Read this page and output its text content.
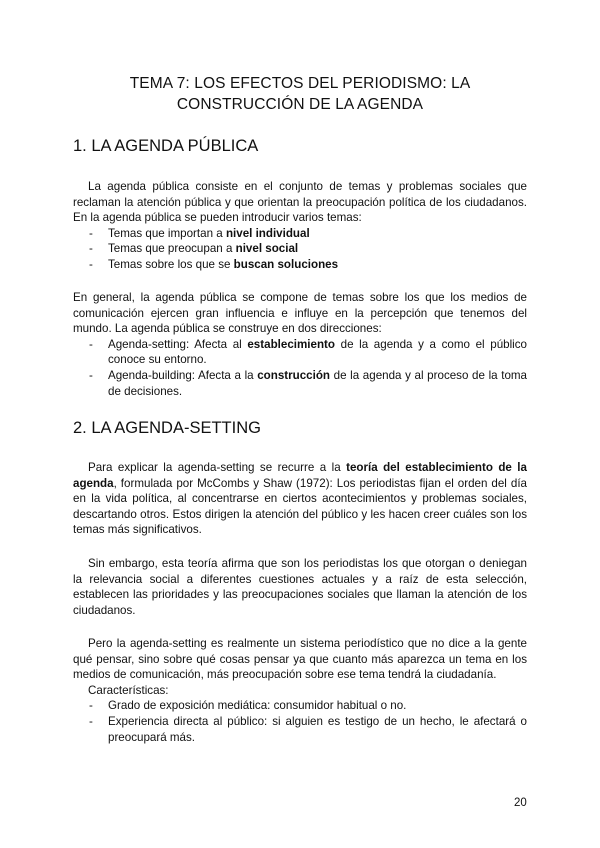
TEMA 7: LOS EFECTOS DEL PERIODISMO: LA
CONSTRUCCIÓN DE LA AGENDA
1. LA AGENDA PÚBLICA

La agenda pública consiste en el conjunto de temas y problemas sociales que reclaman la atención pública y que orientan la preocupación política de los ciudadanos. En la agenda pública se pueden introducir varios temas:

- Temas que importan a nivel individual
- Temas que preocupan a nivel social
- Temas sobre los que se buscan soluciones

En general, la agenda pública se compone de temas sobre los que los medios de comunicación ejercen gran influencia e influye en la percepción que tenemos del mundo. La agenda pública se construye en dos direcciones:

- Agenda-setting: Afecta al establecimiento de la agenda y a como el público conoce su entorno.
- Agenda-building: Afecta a la construcción de la agenda y al proceso de la toma de decisiones.
2. LA AGENDA-SETTING

Para explicar la agenda-setting se recurre a la teoría del establecimiento de la agenda, formulada por McCombs y Shaw (1972): Los periodistas fijan el orden del día en la vida política, al concentrarse en ciertos acontecimientos y problemas sociales, descartando otros. Estos dirigen la atención del público y les hacen creer cuáles son los temas más significativos.

Sin embargo, esta teoría afirma que son los periodistas los que otorgan o deniegan la relevancia social a diferentes cuestiones actuales y a raíz de esta selección, establecen las prioridades y las preocupaciones sociales que llaman la atención de los ciudadanos.

Pero la agenda-setting es realmente un sistema periodístico que no dice a la gente qué pensar, sino sobre qué cosas pensar ya que cuanto más aparezca un tema en los medios de comunicación, más preocupación sobre ese tema tendrá la ciudadanía.

Características:
- Grado de exposición mediática: consumidor habitual o no.
- Experiencia directa al público: si alguien es testigo de un hecho, le afectará o preocupará más.
20
